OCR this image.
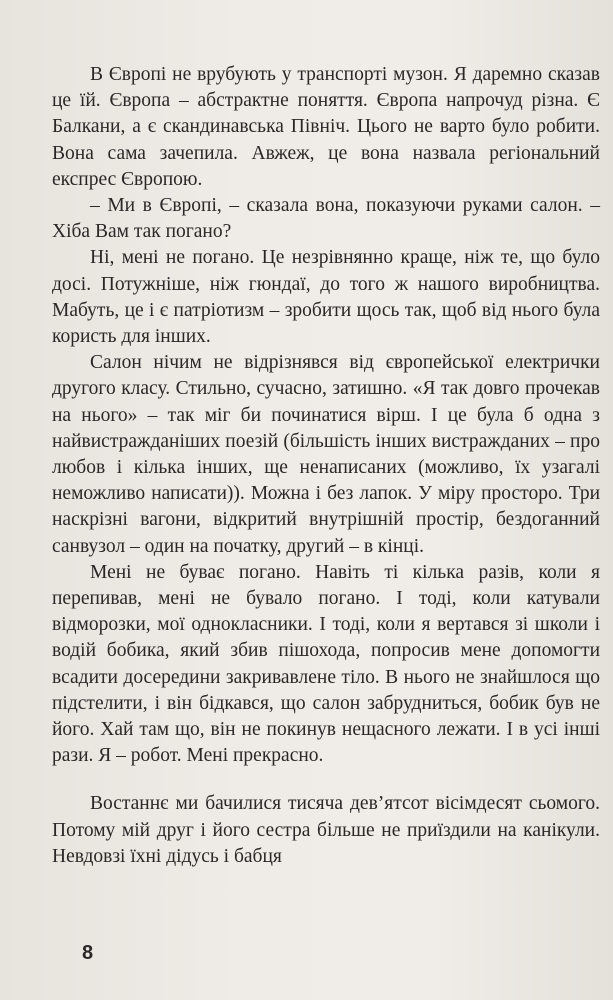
В Європі не врубують у транспорті музон. Я даремно сказав це їй. Європа – абстрактне поняття. Європа напрочуд різна. Є Балкани, а є скандинавська Північ. Цього не варто було робити. Вона сама зачепила. Авжеж, це вона назвала регіональний експрес Європою.

– Ми в Європі, – сказала вона, показуючи руками салон. – Хіба Вам так погано?

Ні, мені не погано. Це незрівнянно краще, ніж те, що було досі. Потужніше, ніж гюндаї, до того ж нашого виробництва. Мабуть, це і є патріотизм – зробити щось так, щоб від нього була користь для інших.

Салон нічим не відрізнявся від європейської електрички другого класу. Стильно, сучасно, затишно. «Я так довго прочекав на нього» – так міг би починатися вірш. І це була б одна з найвистражданіших поезій (більшість інших вистражданих – про любов і кілька інших, ще ненаписаних (можливо, їх узагалі неможливо написати)). Можна і без лапок. У міру просторо. Три наскрізні вагони, відкритий внутрішній простір, бездоганний санвузол – один на початку, другий – в кінці.

Мені не буває погано. Навіть ті кілька разів, коли я перепивав, мені не бувало погано. І тоді, коли катували відморозки, мої однокласники. І тоді, коли я вертався зі школи і водій бобика, який збив пішохода, попросив мене допомогти всадити досередини закривавлене тіло. В нього не знайшлося що підстелити, і він бідкався, що салон забрудниться, бобик був не його. Хай там що, він не покинув нещасного лежати. І в усі інші рази. Я – робот. Мені прекрасно.

Востаннє ми бачилися тисяча дев’ятсот вісімдесят сьомого. Потому мій друг і його сестра більше не приїздили на канікули. Невдовзі їхні дідусь і бабця

8
